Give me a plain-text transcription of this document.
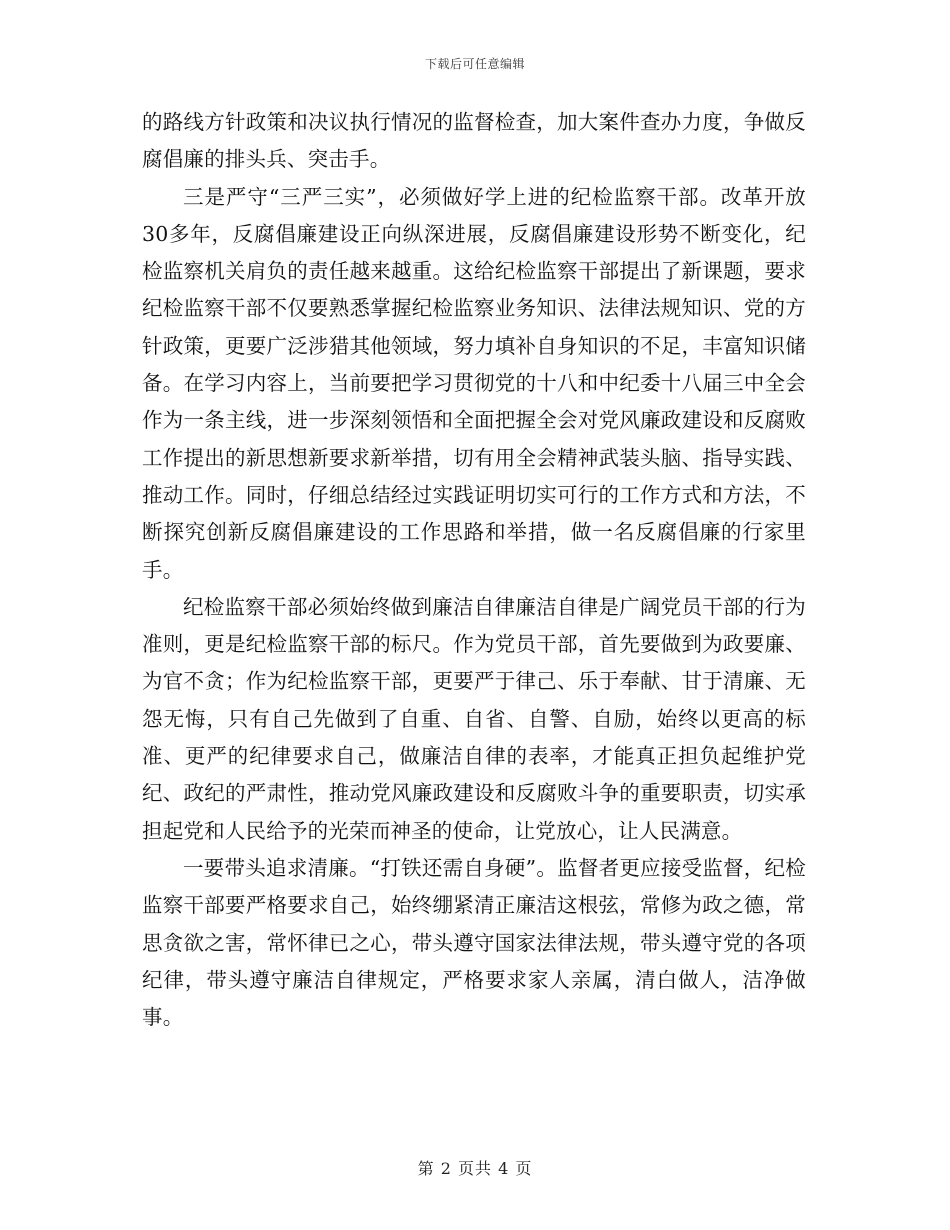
下载后可任意编辑

的路线方针政策和决议执行情况的监督检查，加大案件查办力度，争做反腐倡廉的排头兵、突击手。

三是严守“三严三实”，必须做好学上进的纪检监察干部。改革开放30多年，反腐倡廉建设正向纵深进展，反腐倡廉建设形势不断变化，纪检监察机关肩负的责任越来越重。这给纪检监察干部提出了新课题，要求纪检监察干部不仅要熟悉掌握纪检监察业务知识、法律法规知识、党的方针政策，更要广泛涉猎其他领域，努力填补自身知识的不足，丰富知识储备。在学习内容上，当前要把学习贯彻党的十八和中纪委十八届三中全会作为一条主线，进一步深刻领悟和全面把握全会对党风廉政建设和反腐败工作提出的新思想新要求新举措，切有用全会精神武装头脑、指导实践、推动工作。同时，仔细总结经过实践证明切实可行的工作方式和方法，不断探究创新反腐倡廉建设的工作思路和举措，做一名反腐倡廉的行家里手。

纪检监察干部必须始终做到廉洁自律廉洁自律是广阔党员干部的行为准则，更是纪检监察干部的标尺。作为党员干部，首先要做到为政要廉、为官不贪；作为纪检监察干部，更要严于律己、乐于奉献、甘于清廉、无怨无悔，只有自己先做到了自重、自省、自警、自励，始终以更高的标准、更严的纪律要求自己，做廉洁自律的表率，才能真正担负起维护党纪、政纪的严肃性，推动党风廉政建设和反腐败斗争的重要职责，切实承担起党和人民给予的光荣而神圣的使命，让党放心，让人民满意。

一要带头追求清廉。“打铁还需自身硬”。监督者更应接受监督，纪检监察干部要严格要求自己，始终绷紧清正廉洁这根弦，常修为政之德，常思贪欲之害，常怀律已之心，带头遵守国家法律法规，带头遵守党的各项纪律，带头遵守廉洁自律规定，严格要求家人亲属，清白做人，洁净做事。

第 2 页共 4 页
